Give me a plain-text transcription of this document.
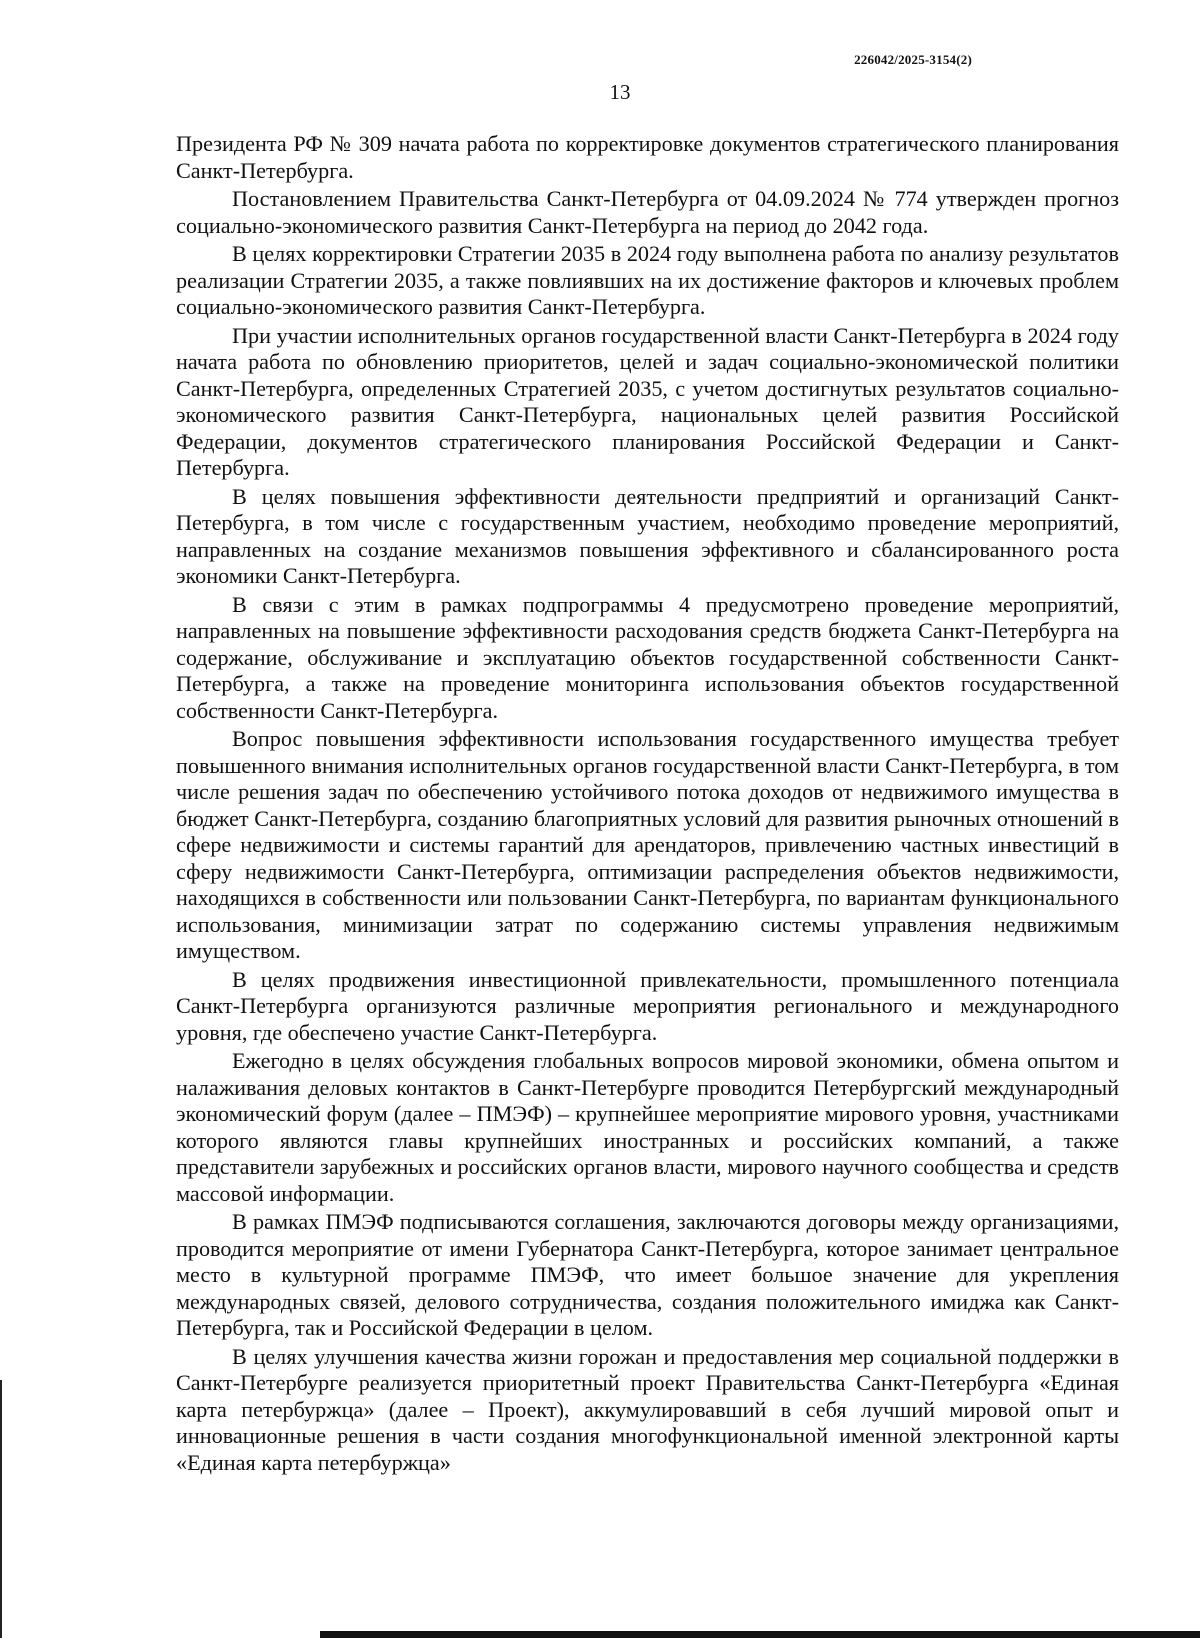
226042/2025-3154(2)
13

Президента РФ № 309 начата работа по корректировке документов стратегического планирования Санкт-Петербурга.

Постановлением Правительства Санкт-Петербурга от 04.09.2024 № 774 утвержден прогноз социально-экономического развития Санкт-Петербурга на период до 2042 года.

В целях корректировки Стратегии 2035 в 2024 году выполнена работа по анализу результатов реализации Стратегии 2035, а также повлиявших на их достижение факторов и ключевых проблем социально-экономического развития Санкт-Петербурга.

При участии исполнительных органов государственной власти Санкт-Петербурга в 2024 году начата работа по обновлению приоритетов, целей и задач социально-экономической политики Санкт-Петербурга, определенных Стратегией 2035, с учетом достигнутых результатов социально-экономического развития Санкт-Петербурга, национальных целей развития Российской Федерации, документов стратегического планирования Российской Федерации и Санкт-Петербурга.

В целях повышения эффективности деятельности предприятий и организаций Санкт-Петербурга, в том числе с государственным участием, необходимо проведение мероприятий, направленных на создание механизмов повышения эффективного и сбалансированного роста экономики Санкт-Петербурга.

В связи с этим в рамках подпрограммы 4 предусмотрено проведение мероприятий, направленных на повышение эффективности расходования средств бюджета Санкт-Петербурга на содержание, обслуживание и эксплуатацию объектов государственной собственности Санкт-Петербурга, а также на проведение мониторинга использования объектов государственной собственности Санкт-Петербурга.

Вопрос повышения эффективности использования государственного имущества требует повышенного внимания исполнительных органов государственной власти Санкт-Петербурга, в том числе решения задач по обеспечению устойчивого потока доходов от недвижимого имущества в бюджет Санкт-Петербурга, созданию благоприятных условий для развития рыночных отношений в сфере недвижимости и системы гарантий для арендаторов, привлечению частных инвестиций в сферу недвижимости Санкт-Петербурга, оптимизации распределения объектов недвижимости, находящихся в собственности или пользовании Санкт-Петербурга, по вариантам функционального использования, минимизации затрат по содержанию системы управления недвижимым имуществом.

В целях продвижения инвестиционной привлекательности, промышленного потенциала Санкт-Петербурга организуются различные мероприятия регионального и международного уровня, где обеспечено участие Санкт-Петербурга.

Ежегодно в целях обсуждения глобальных вопросов мировой экономики, обмена опытом и налаживания деловых контактов в Санкт-Петербурге проводится Петербургский международный экономический форум (далее – ПМЭФ) – крупнейшее мероприятие мирового уровня, участниками которого являются главы крупнейших иностранных и российских компаний, а также представители зарубежных и российских органов власти, мирового научного сообщества и средств массовой информации.

В рамках ПМЭФ подписываются соглашения, заключаются договоры между организациями, проводится мероприятие от имени Губернатора Санкт-Петербурга, которое занимает центральное место в культурной программе ПМЭФ, что имеет большое значение для укрепления международных связей, делового сотрудничества, создания положительного имиджа как Санкт-Петербурга, так и Российской Федерации в целом.

В целях улучшения качества жизни горожан и предоставления мер социальной поддержки в Санкт-Петербурге реализуется приоритетный проект Правительства Санкт-Петербурга «Единая карта петербуржца» (далее – Проект), аккумулировавший в себя лучший мировой опыт и инновационные решения в части создания многофункциональной именной электронной карты «Единая карта петербуржца»
